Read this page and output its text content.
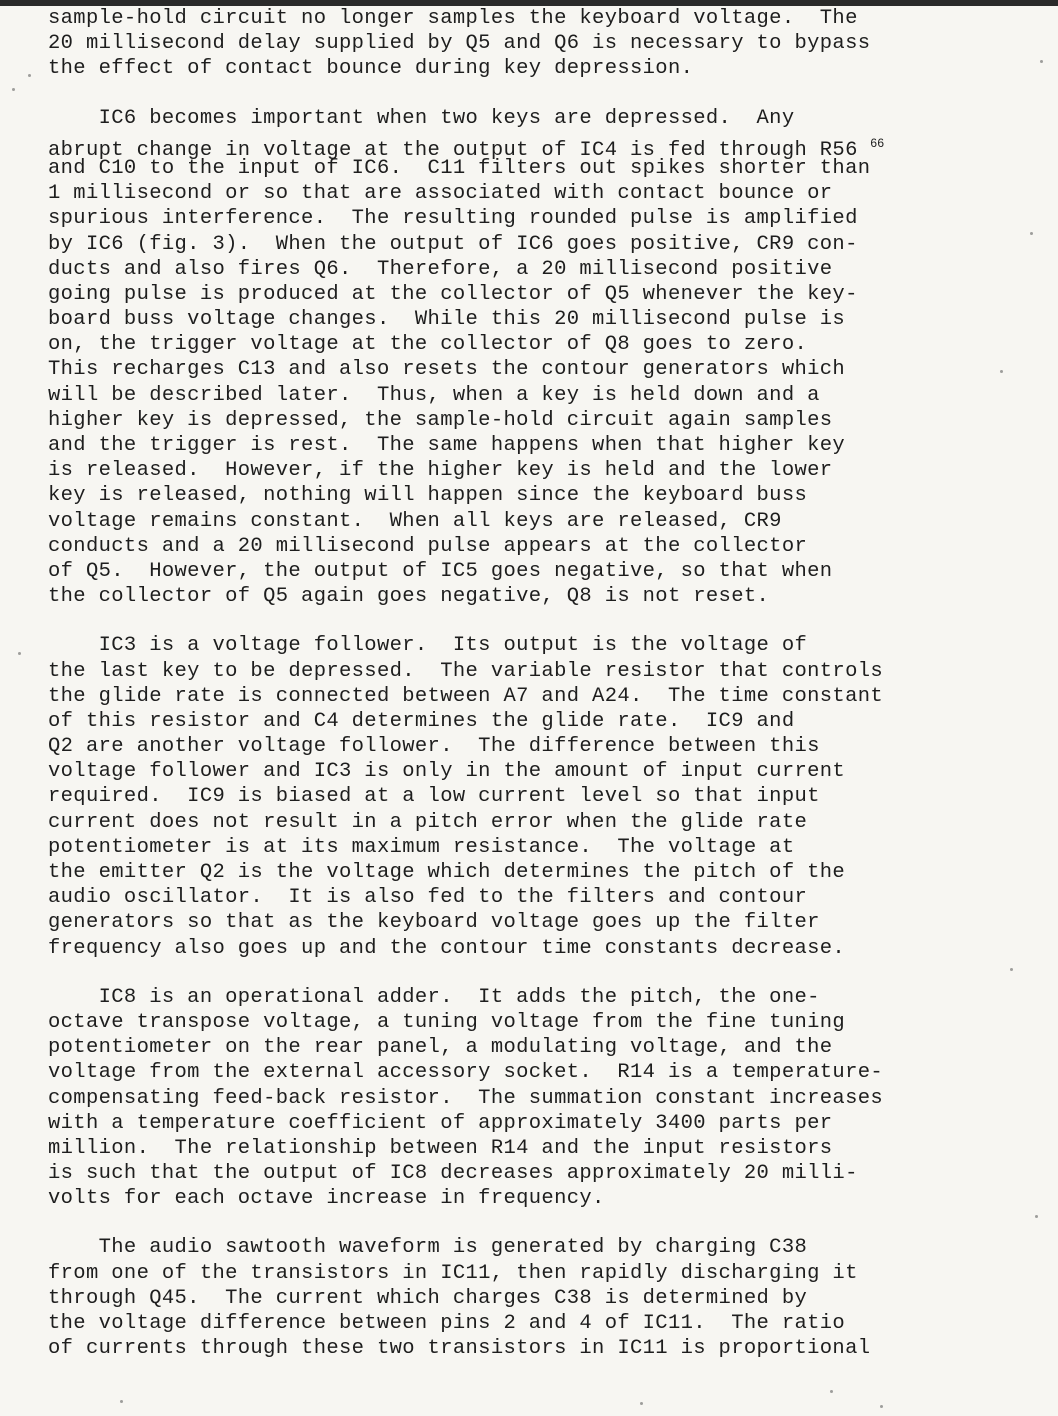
sample-hold circuit no longer samples the keyboard voltage.  The
20 millisecond delay supplied by Q5 and Q6 is necessary to bypass
the effect of contact bounce during key depression.
IC6 becomes important when two keys are depressed.  Any
abrupt change in voltage at the output of IC4 is fed through R56 $^{66}$
and C10 to the input of IC6.  C11 filters out spikes shorter than
1 millisecond or so that are associated with contact bounce or
spurious interference.  The resulting rounded pulse is amplified
by IC6 (fig. 3).  When the output of IC6 goes positive, CR9 con-
ducts and also fires Q6.  Therefore, a 20 millisecond positive
going pulse is produced at the collector of Q5 whenever the key-
board buss voltage changes.  While this 20 millisecond pulse is
on, the trigger voltage at the collector of Q8 goes to zero.
This recharges C13 and also resets the contour generators which
will be described later.  Thus, when a key is held down and a
higher key is depressed, the sample-hold circuit again samples
and the trigger is rest.  The same happens when that higher key
is released.  However, if the higher key is held and the lower
key is released, nothing will happen since the keyboard buss
voltage remains constant.  When all keys are released, CR9
conducts and a 20 millisecond pulse appears at the collector
of Q5.  However, the output of IC5 goes negative, so that when
the collector of Q5 again goes negative, Q8 is not reset.
IC3 is a voltage follower.  Its output is the voltage of
the last key to be depressed.  The variable resistor that controls
the glide rate is connected between A7 and A24.  The time constant
of this resistor and C4 determines the glide rate.  IC9 and
Q2 are another voltage follower.  The difference between this
voltage follower and IC3 is only in the amount of input current
required.  IC9 is biased at a low current level so that input
current does not result in a pitch error when the glide rate
potentiometer is at its maximum resistance.  The voltage at
the emitter Q2 is the voltage which determines the pitch of the
audio oscillator.  It is also fed to the filters and contour
generators so that as the keyboard voltage goes up the filter
frequency also goes up and the contour time constants decrease.
IC8 is an operational adder.  It adds the pitch, the one-
octave transpose voltage, a tuning voltage from the fine tuning
potentiometer on the rear panel, a modulating voltage, and the
voltage from the external accessory socket.  R14 is a temperature-
compensating feed-back resistor.  The summation constant increases
with a temperature coefficient of approximately 3400 parts per
million.  The relationship between R14 and the input resistors
is such that the output of IC8 decreases approximately 20 milli-
volts for each octave increase in frequency.
The audio sawtooth waveform is generated by charging C38
from one of the transistors in IC11, then rapidly discharging it
through Q45.  The current which charges C38 is determined by
the voltage difference between pins 2 and 4 of IC11.  The ratio
of currents through these two transistors in IC11 is proportional
